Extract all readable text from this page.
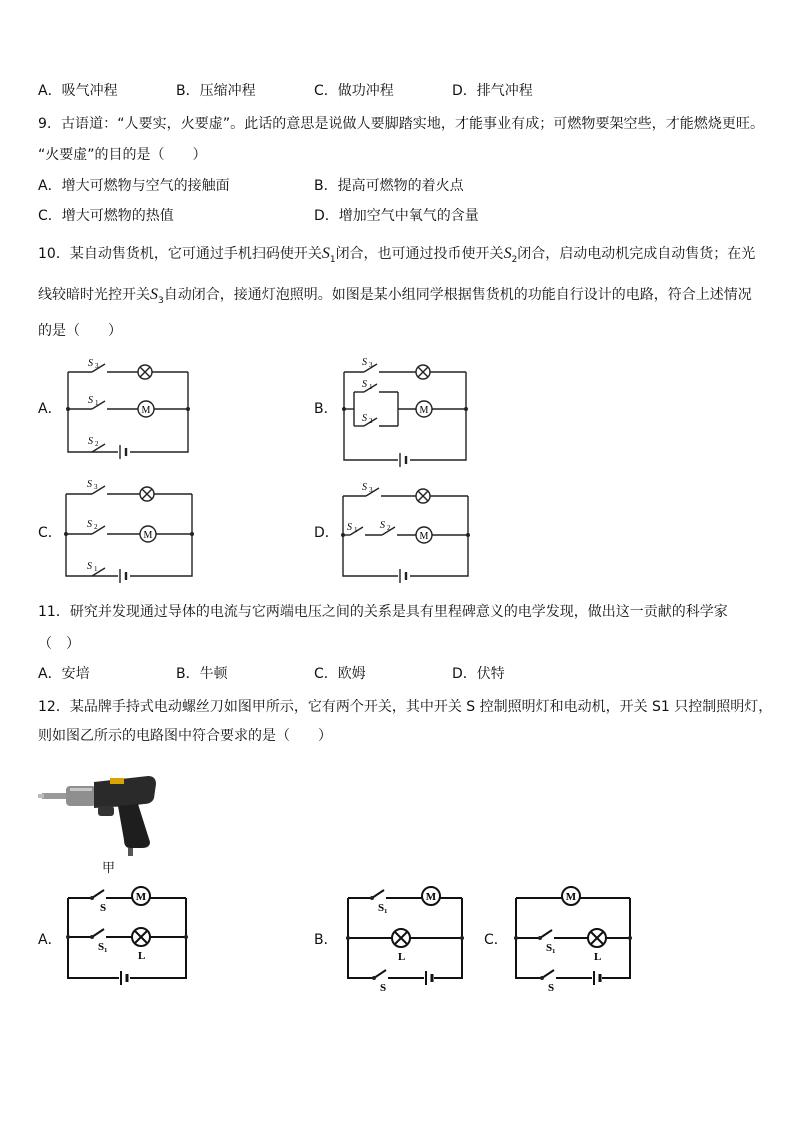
A．吸气冲程	B．压缩冲程	C．做功冲程	D．排气冲程
9．古语道：“人要实，火要虚”。此话的意思是说做人要脚踏实地，才能事业有成；可燃物要架空些，才能燃烧更旺。
“火要虚”的目的是（　　）
A．增大可燃物与空气的接触面	B．提高可燃物的着火点
C．增大可燃物的热值	D．增加空气中氧气的含量
10．某自动售货机，它可通过手机扫码使开关$S_1$闭合，也可通过投币使开关$S_2$闭合，启动电动机完成自动售货；在光
线较暗时光控开关$S_3$自动闭合，接通灯泡照明。如图是某小组同学根据售货机的功能自行设计的电路，符合上述情况
的是（　　）
A．	B．
C．	D．
M
S 3
S 1
S 2
M
S 3
S 1
S 2
M
S 3
S 2
S 1
M
S 3
S 1 S 2
11．研究并发现通过导体的电流与它两端电压之间的关系是具有里程碑意义的电学发现，做出这一贡献的科学家
（　）
A．安培	B．牛顿	C．欧姆	D．伏特
12．某品牌手持式电动螺丝刀如图甲所示，它有两个开关，其中开关 S 控制照明灯和电动机，开关 S1 只控制照明灯，
则如图乙所示的电路图中符合要求的是（　　）
甲
A．	B．	C．
M
S
S₁
L
M
S₁
L
S
M
S₁
L
S
